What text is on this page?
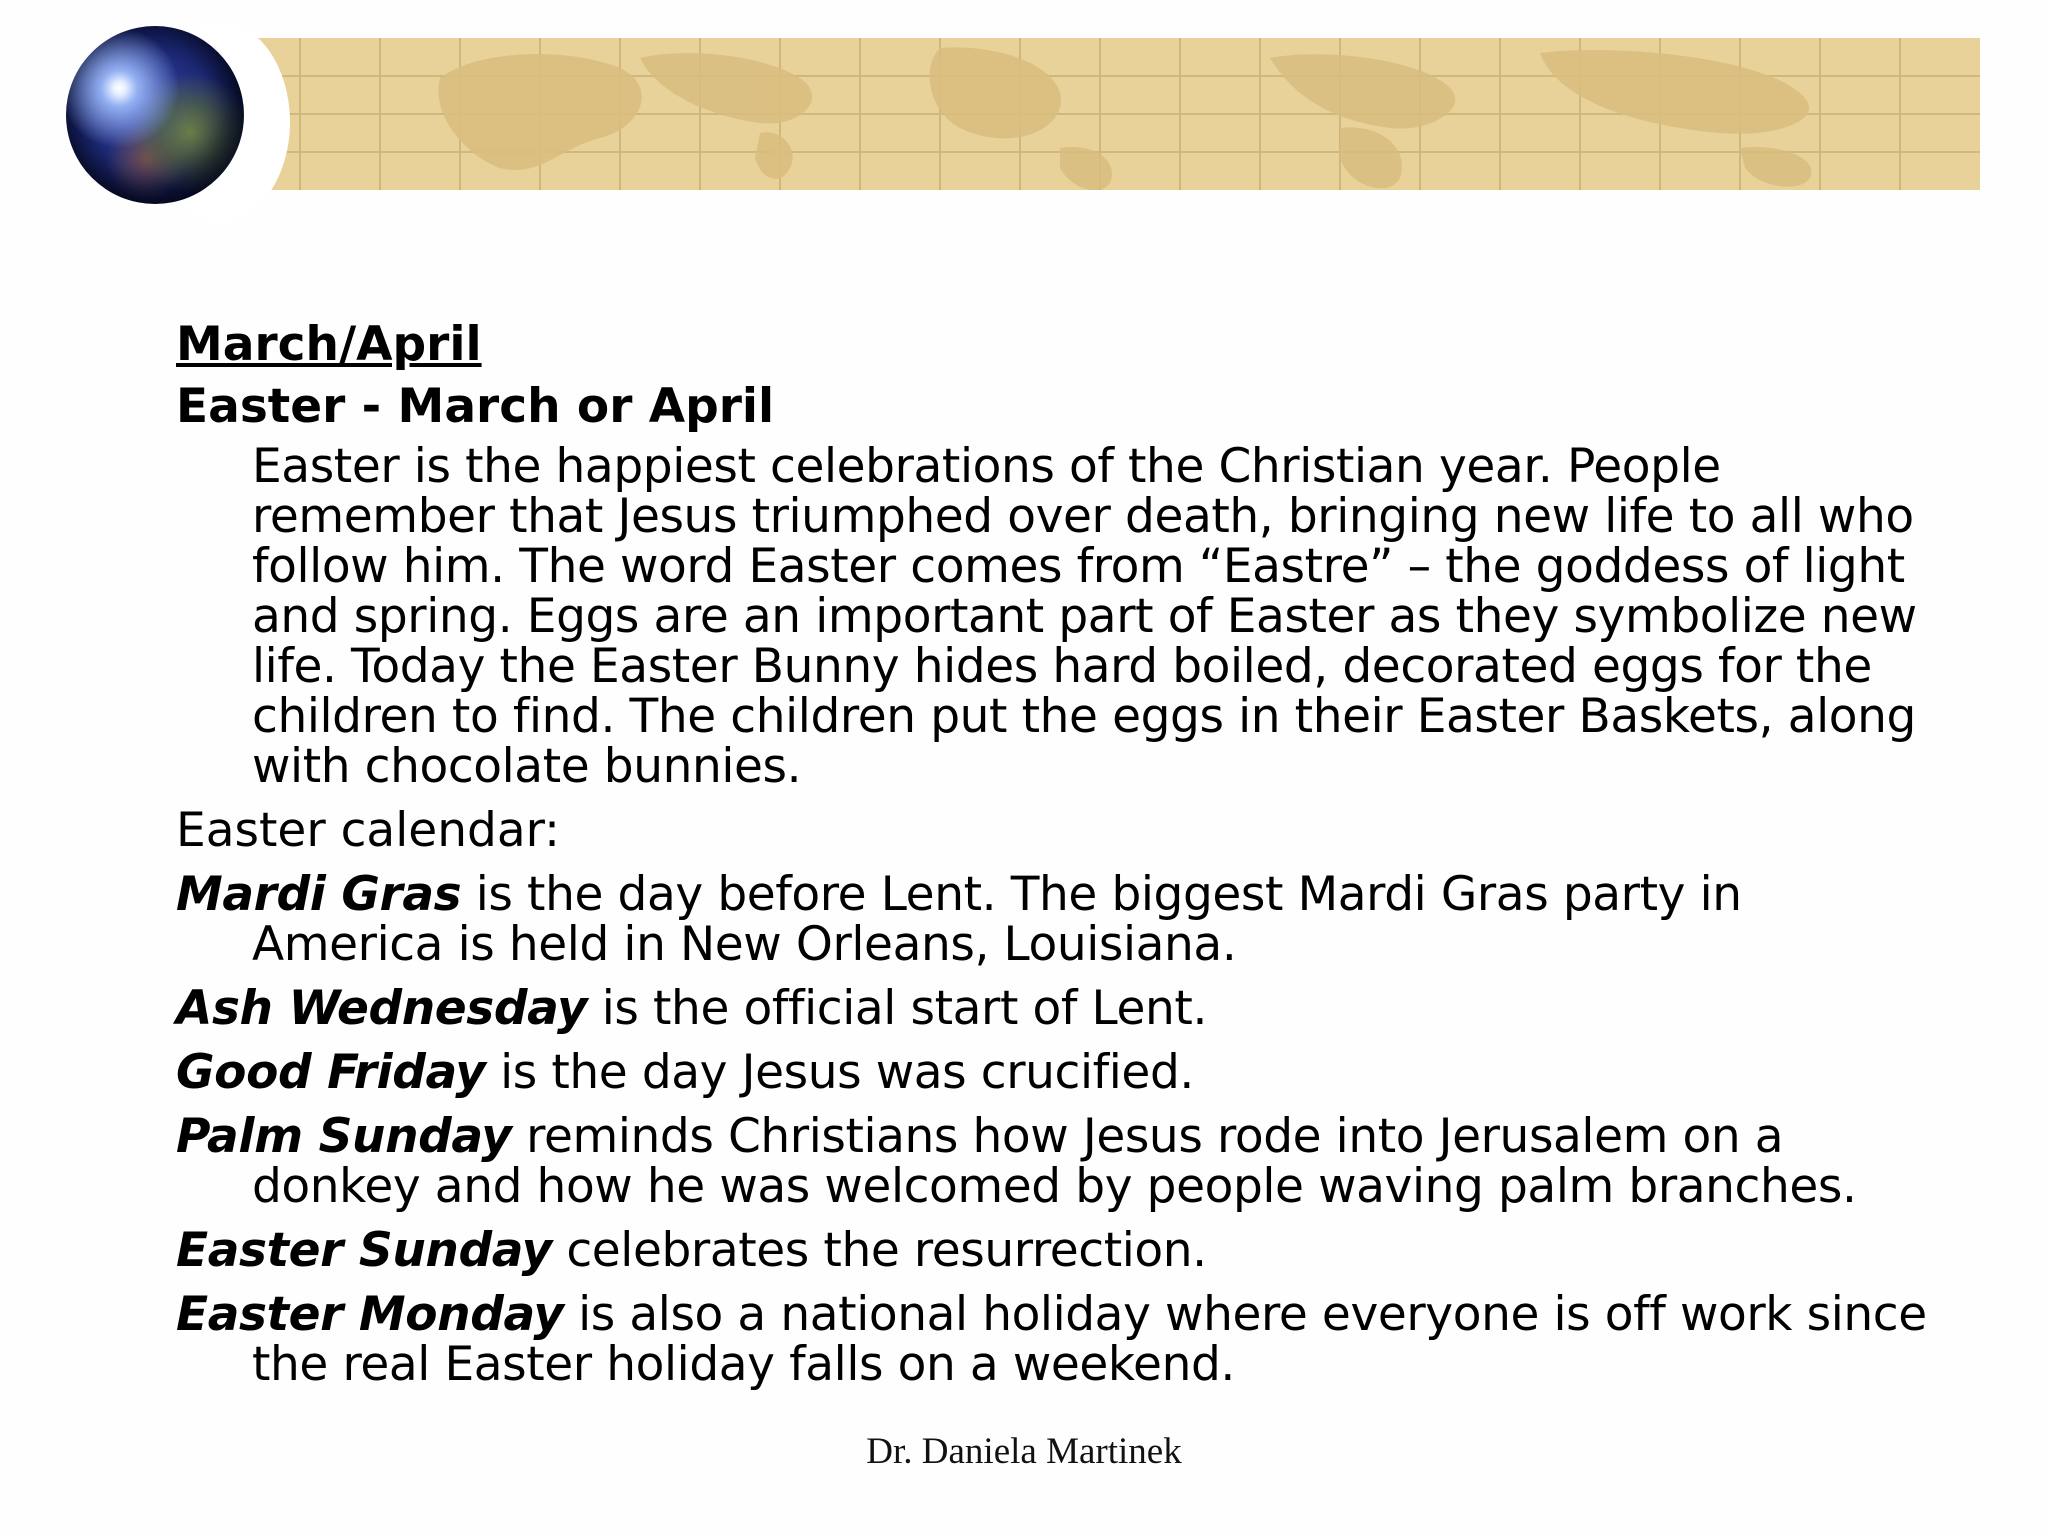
March/April
Easter - March or April
Easter is the happiest celebrations of the Christian year. People remember that Jesus triumphed over death, bringing new life to all who follow him. The word Easter comes from “Eastre” – the goddess of light and spring. Eggs are an important part of Easter as they symbolize new life. Today the Easter Bunny hides hard boiled, decorated eggs for the children to find. The children put the eggs in their Easter Baskets, along with chocolate bunnies.
Easter calendar:
Mardi Gras is the day before Lent. The biggest Mardi Gras party in America is held in New Orleans, Louisiana.
Ash Wednesday is the official start of Lent.
Good Friday is the day Jesus was crucified.
Palm Sunday reminds Christians how Jesus rode into Jerusalem on a donkey and how he was welcomed by people waving palm branches.
Easter Sunday celebrates the resurrection.
Easter Monday is also a national holiday where everyone is off work since the real Easter holiday falls on a weekend.
Dr. Daniela Martinek
